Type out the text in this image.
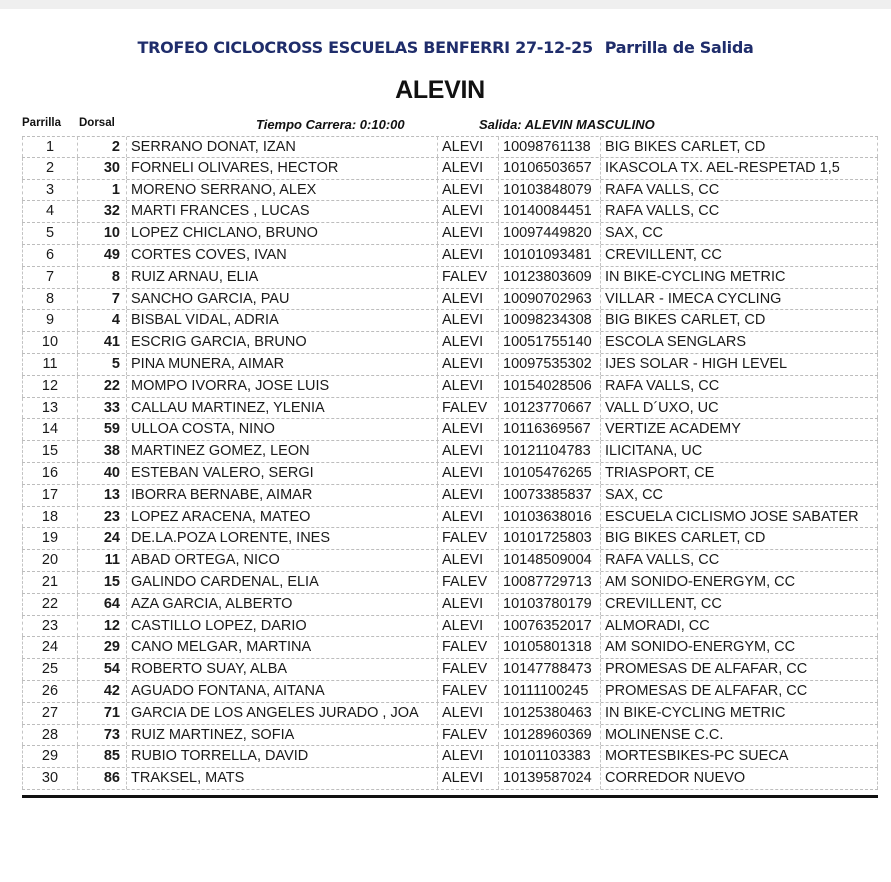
TROFEO CICLOCROSS ESCUELAS BENFERRI 27-12-25 Parrilla de Salida
ALEVIN
Parrilla Dorsal	Tiempo Carrera: 0:10:00	Salida: ALEVIN MASCULINO
1	2 SERRANO DONAT, IZAN	ALEVI	10098761138 BIG BIKES CARLET, CD
2	30 FORNELI OLIVARES, HECTOR	ALEVI	10106503657 IKASCOLA TX. AEL-RESPETAD 1,5
3	1 MORENO SERRANO, ALEX	ALEVI	10103848079 RAFA VALLS, CC
4	32 MARTI FRANCES , LUCAS	ALEVI	10140084451 RAFA VALLS, CC
5	10 LOPEZ CHICLANO, BRUNO	ALEVI	10097449820 SAX, CC
6	49 CORTES COVES, IVAN	ALEVI	10101093481 CREVILLENT, CC
7	8 RUIZ ARNAU, ELIA	FALEV	10123803609 IN BIKE-CYCLING METRIC
8	7 SANCHO GARCIA, PAU	ALEVI	10090702963 VILLAR - IMECA CYCLING
9	4 BISBAL VIDAL, ADRIA	ALEVI	10098234308 BIG BIKES CARLET, CD
10	41 ESCRIG GARCIA, BRUNO	ALEVI	10051755140 ESCOLA SENGLARS
11	5 PINA MUNERA, AIMAR	ALEVI	10097535302 IJES SOLAR - HIGH LEVEL
12	22 MOMPO IVORRA, JOSE LUIS	ALEVI	10154028506 RAFA VALLS, CC
13	33 CALLAU MARTINEZ, YLENIA	FALEV	10123770667 VALL D´UXO, UC
14	59 ULLOA COSTA, NINO	ALEVI	10116369567 VERTIZE ACADEMY
15	38 MARTINEZ GOMEZ, LEON	ALEVI	10121104783 ILICITANA, UC
16	40 ESTEBAN VALERO, SERGI	ALEVI	10105476265 TRIASPORT, CE
17	13 IBORRA BERNABE, AIMAR	ALEVI	10073385837 SAX, CC
18	23 LOPEZ ARACENA, MATEO	ALEVI	10103638016 ESCUELA CICLISMO JOSE SABATER
19	24 DE.LA.POZA LORENTE, INES	FALEV	10101725803 BIG BIKES CARLET, CD
20	11 ABAD ORTEGA, NICO	ALEVI	10148509004 RAFA VALLS, CC
21	15 GALINDO CARDENAL, ELIA	FALEV	10087729713 AM SONIDO-ENERGYM, CC
22	64 AZA GARCIA, ALBERTO	ALEVI	10103780179 CREVILLENT, CC
23	12 CASTILLO LOPEZ, DARIO	ALEVI	10076352017 ALMORADI, CC
24	29 CANO MELGAR, MARTINA	FALEV	10105801318 AM SONIDO-ENERGYM, CC
25	54 ROBERTO SUAY, ALBA	FALEV	10147788473 PROMESAS DE ALFAFAR, CC
26	42 AGUADO FONTANA, AITANA	FALEV	10111100245	PROMESAS DE ALFAFAR, CC
27	71 GARCIA DE LOS ANGELES JURADO , JOA	ALEVI	10125380463 IN BIKE-CYCLING METRIC
28	73 RUIZ MARTINEZ, SOFIA	FALEV	10128960369 MOLINENSE C.C.
29	85 RUBIO TORRELLA, DAVID	ALEVI	10101103383 MORTESBIKES-PC SUECA
30	86 TRAKSEL, MATS	ALEVI	10139587024 CORREDOR NUEVO
